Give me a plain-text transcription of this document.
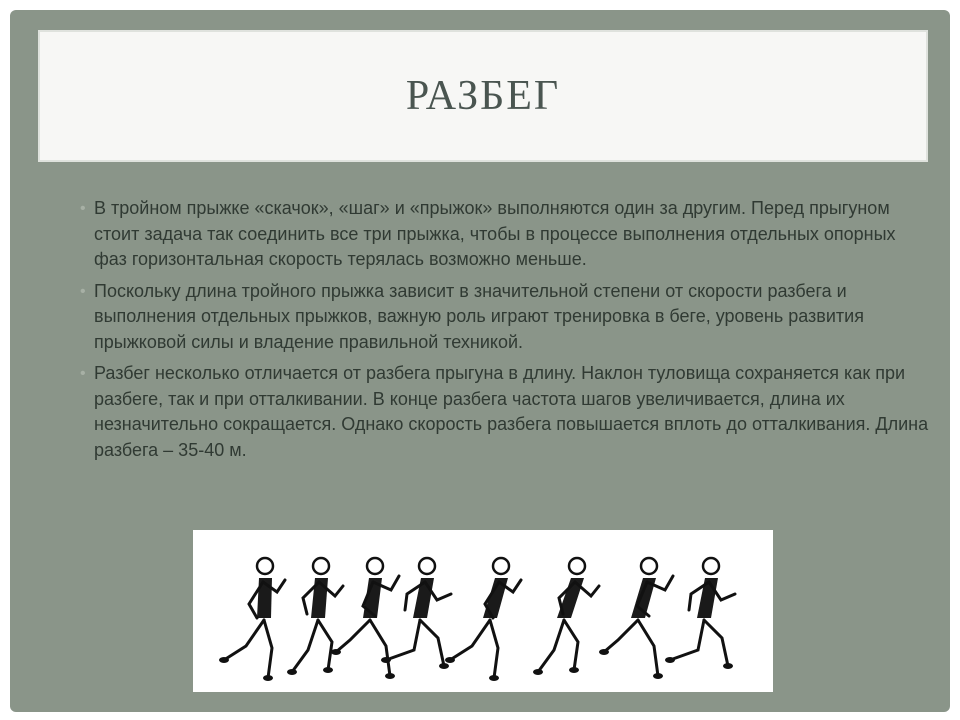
РАЗБЕГ
• В тройном прыжке «скачок», «шаг» и «прыжок» выполняются один за другим. Перед прыгуном стоит задача так соединить все три прыжка, чтобы в процессе выполнения отдельных опорных фаз горизонтальная скорость терялась возможно меньше.
• Поскольку длина тройного прыжка зависит в значительной степени от скорости разбега и выполнения отдельных прыжков, важную роль играют тренировка в беге, уровень развития прыжковой силы и владение правильной техникой.
• Разбег несколько отличается от разбега прыгуна в длину. Наклон туловища сохраняется как при разбеге, так и при отталкивании. В конце разбега частота шагов увеличивается, длина их незначительно сокращается. Однако скорость разбега повышается вплоть до отталкивания. Длина разбега – 35-40 м.
